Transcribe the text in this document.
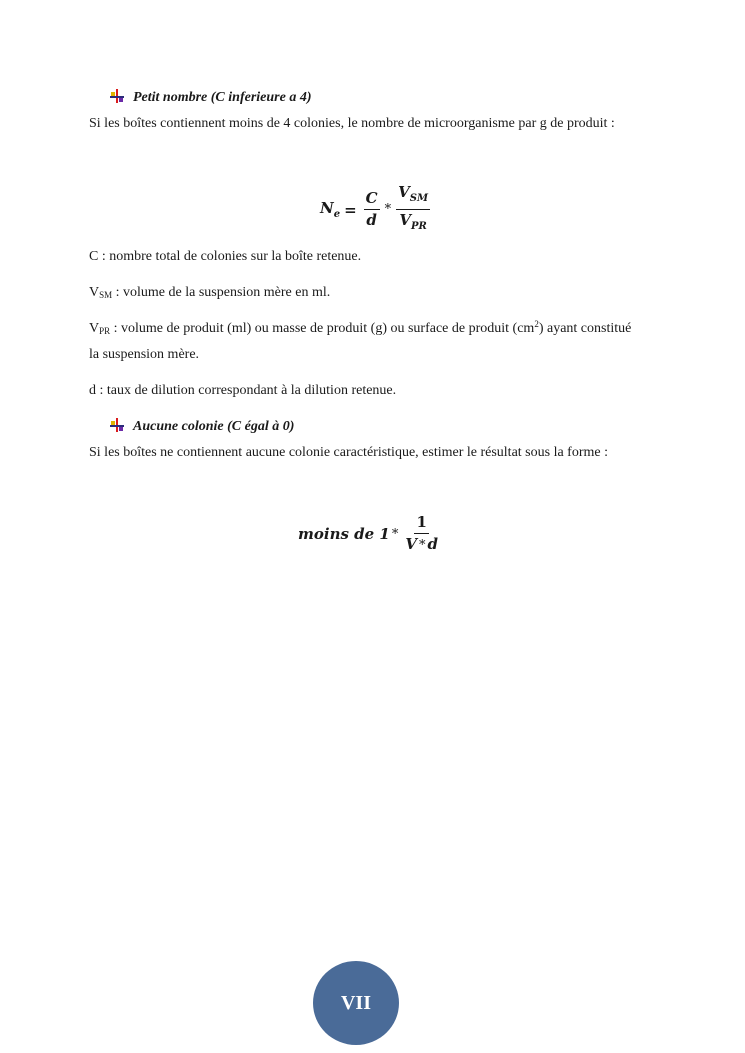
Petit nombre (C inferieure a 4)
Si les boîtes contiennent moins de 4 colonies, le nombre de microorganisme par g de produit :
$N_e = \frac{C}{d} * \frac{V_{SM}}{V_{PR}}$
C : nombre total de colonies sur la boîte retenue.
$V_{SM}$ : volume de la suspension mère en ml.
$V_{PR}$ : volume de produit (ml) ou masse de produit (g) ou surface de produit $(cm^2)$ ayant constitué
la suspension mère.
d : taux de dilution correspondant à la dilution retenue.
Aucune colonie (C égal à 0)
Si les boîtes ne contiennent aucune colonie caractéristique, estimer le résultat sous la forme :
moins de $1 * \frac{1}{V * d}$
VII
